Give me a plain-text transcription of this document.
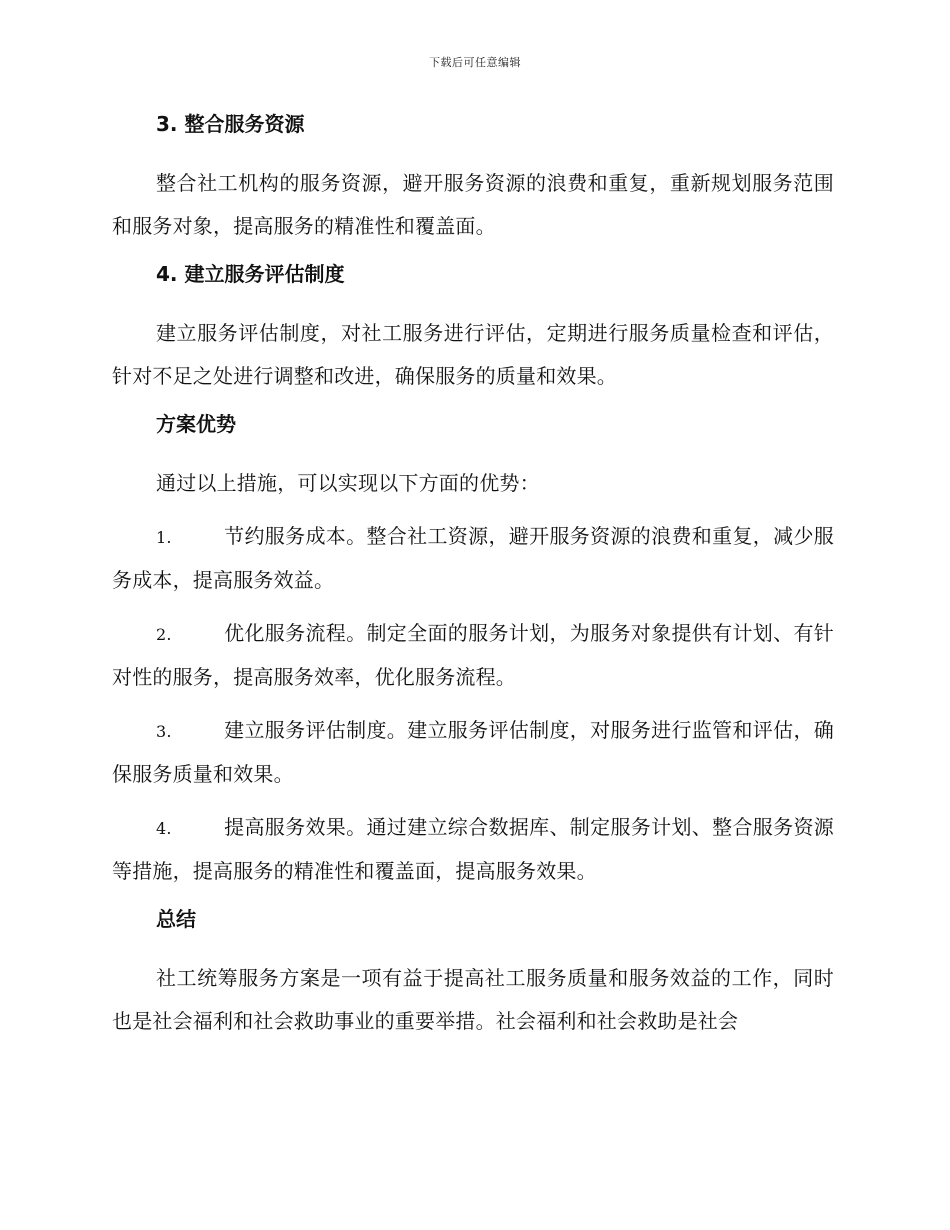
下载后可任意编辑
3. 整合服务资源
整合社工机构的服务资源，避开服务资源的浪费和重复，重新规划服务范围和服务对象，提高服务的精准性和覆盖面。
4. 建立服务评估制度
建立服务评估制度，对社工服务进行评估，定期进行服务质量检查和评估，针对不足之处进行调整和改进，确保服务的质量和效果。
方案优势
通过以上措施，可以实现以下方面的优势：
1.	节约服务成本。整合社工资源，避开服务资源的浪费和重复，减少服务成本，提高服务效益。
2.	优化服务流程。制定全面的服务计划，为服务对象提供有计划、有针对性的服务，提高服务效率，优化服务流程。
3.	建立服务评估制度。建立服务评估制度，对服务进行监管和评估，确保服务质量和效果。
4.	提高服务效果。通过建立综合数据库、制定服务计划、整合服务资源等措施，提高服务的精准性和覆盖面，提高服务效果。
总结
社工统筹服务方案是一项有益于提高社工服务质量和服务效益的工作，同时也是社会福利和社会救助事业的重要举措。社会福利和社会救助是社会
